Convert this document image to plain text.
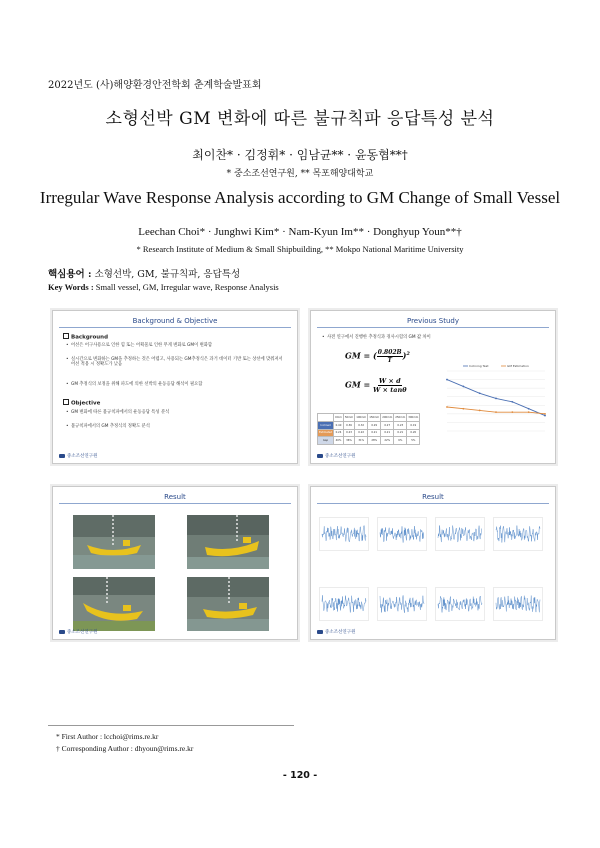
2022년도 (사)해양환경안전학회 춘계학술발표회
소형선박 GM 변화에 따른 불규칙파 응답특성 분석
최이찬* · 김정휘* · 임남균** · 윤동협**†
* 중소조선연구원, ** 목포해양대학교
Irregular Wave Response Analysis according to GM Change of Small Vessel
Leechan Choi* · Junghwi Kim* · Nam-Kyun Im** · Donghyup Youn**†
* Research Institute of Medium & Small Shipbuilding, ** Mokpo National Maritime University
핵심용어 : 소형선박, GM, 불규칙파, 응답특성
Key Words : Small vessel, GM, Irregular wave, Response Analysis
Background & Objective
Background
• 어선은 어구사용으로 인한 힘 또는 어획물로 인한 무게 변화로 GM이 변화함
• 실시간으로 변화하는 GM을 추정하는 것은 어렵고, 사용되는 GM추정식은 과거 데이터 기반 또는 상선에 맞춰져서 어선 적용 시 정확도가 낮음
• GM 추정식의 보정을 위해 파도에 의한 선박의 운동응답 해석이 필요함
Objective
• GM 변화에 따른 불규칙파에서의 운동응답 특성 분석
• 불규칙파에서의 GM 추정식의 정확도 분석
중소조선연구원
Previous Study
• 사전 연구에서 진행한 추정식과 경사시험의 GM 값 차이
GM = ( $\frac{0.802B}{T} )^2$
GM = $\frac{W \times d}{W \times \tan\theta}$
	0mm	50mm	100mm	150mm	200mm	250mm	300mm
Inclined	0.40	0.36	0.32	0.29	0.27	0.23	0.19
Estimated	0.24	0.23	0.22	0.21	0.21	0.21	0.20
Gap	40%	36%	31%	28%	22%	9%	5%
Inclining Test	GM Estimation
중소조선연구원
Result
중소조선연구원
Result
중소조선연구원
* First Author : lcchoi@rims.re.kr
† Corresponding Author : dhyoun@rims.re.kr
- 120 -
